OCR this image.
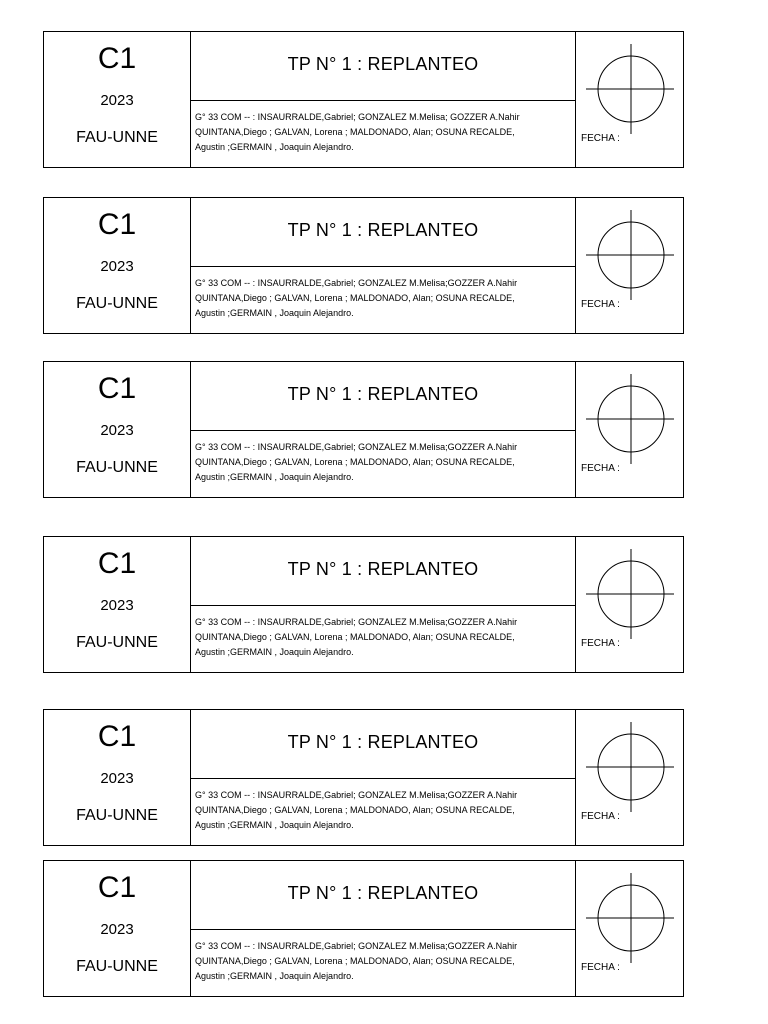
C1
2023
FAU-UNNE
TP N° 1 : REPLANTEO
G° 33 COM -- : INSAURRALDE,Gabriel; GONZALEZ M.Melisa; GOZZER A.Nahir
QUINTANA,Diego ; GALVAN, Lorena ; MALDONADO, Alan; OSUNA RECALDE,
Agustin ;GERMAIN , Joaquin Alejandro.
FECHA :
C1
2023
FAU-UNNE
TP N° 1 : REPLANTEO
G° 33 COM -- : INSAURRALDE,Gabriel; GONZALEZ M.Melisa;GOZZER A.Nahir
QUINTANA,Diego ; GALVAN, Lorena ; MALDONADO, Alan; OSUNA RECALDE,
Agustin ;GERMAIN , Joaquin Alejandro.
FECHA :
C1
2023
FAU-UNNE
TP N° 1 : REPLANTEO
G° 33 COM -- : INSAURRALDE,Gabriel; GONZALEZ M.Melisa;GOZZER A.Nahir
QUINTANA,Diego ; GALVAN, Lorena ; MALDONADO, Alan; OSUNA RECALDE,
Agustin ;GERMAIN , Joaquin Alejandro.
FECHA :
C1
2023
FAU-UNNE
TP N° 1 : REPLANTEO
G° 33 COM -- : INSAURRALDE,Gabriel; GONZALEZ M.Melisa;GOZZER A.Nahir
QUINTANA,Diego ; GALVAN, Lorena ; MALDONADO, Alan; OSUNA RECALDE,
Agustin ;GERMAIN , Joaquin Alejandro.
FECHA :
C1
2023
FAU-UNNE
TP N° 1 : REPLANTEO
G° 33 COM -- : INSAURRALDE,Gabriel; GONZALEZ M.Melisa;GOZZER A.Nahir
QUINTANA,Diego ; GALVAN, Lorena ; MALDONADO, Alan; OSUNA RECALDE,
Agustin ;GERMAIN , Joaquin Alejandro.
FECHA :
C1
2023
FAU-UNNE
TP N° 1 : REPLANTEO
G° 33 COM -- : INSAURRALDE,Gabriel; GONZALEZ M.Melisa;GOZZER A.Nahir
QUINTANA,Diego ; GALVAN, Lorena ; MALDONADO, Alan; OSUNA RECALDE,
Agustin ;GERMAIN , Joaquin Alejandro.
FECHA :
